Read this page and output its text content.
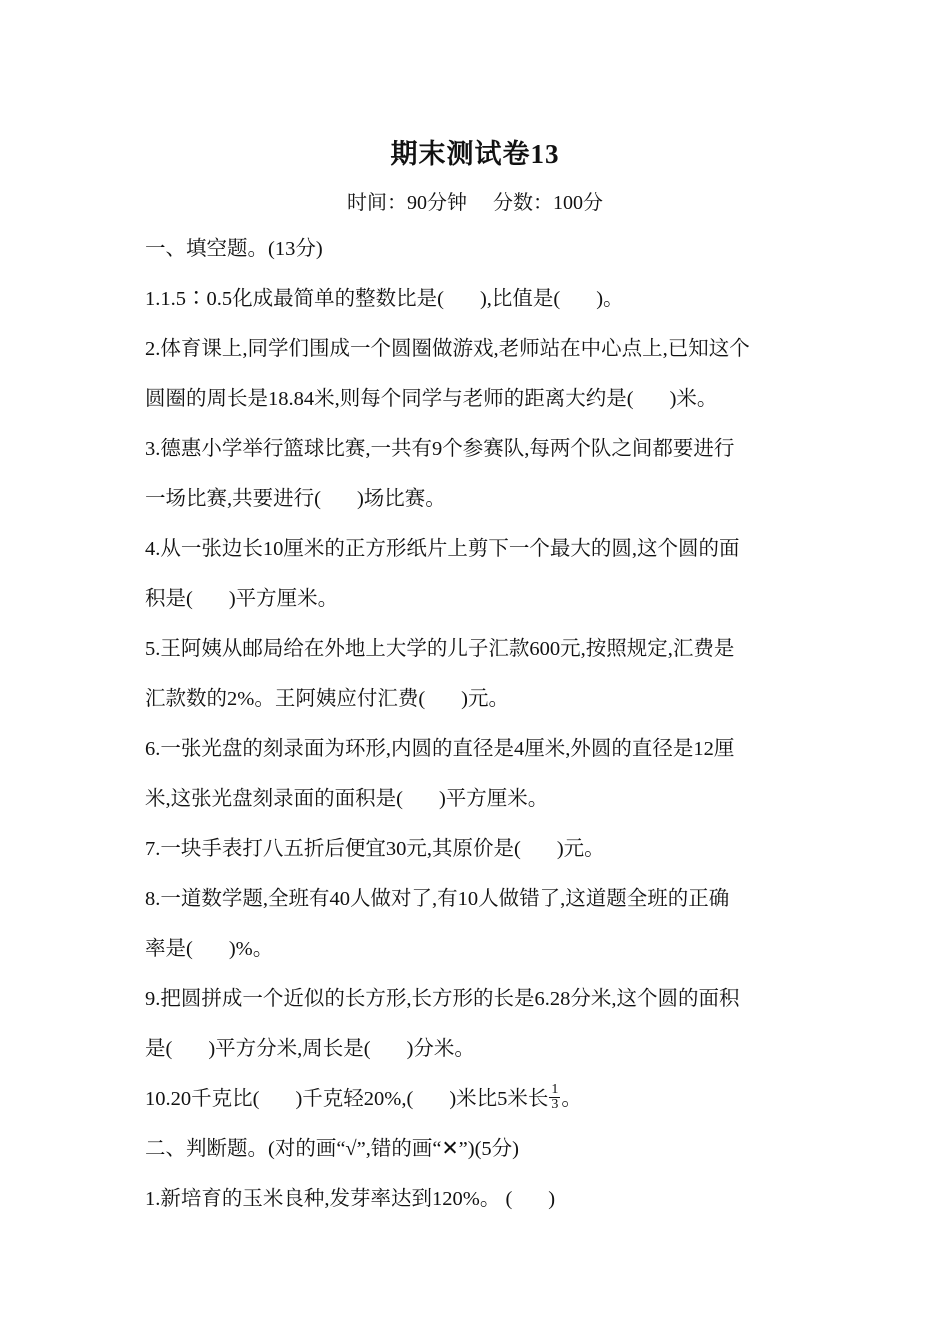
期末测试卷13
时间：90分钟 分数：100分
一、填空题。(13分)
1.1.5∶0.5化成最简单的整数比是( ),比值是( )。
2.体育课上,同学们围成一个圆圈做游戏,老师站在中心点上,已知这个
圆圈的周长是18.84米,则每个同学与老师的距离大约是( )米。
3.德惠小学举行篮球比赛,一共有9个参赛队,每两个队之间都要进行
一场比赛,共要进行( )场比赛。
4.从一张边长10厘米的正方形纸片上剪下一个最大的圆,这个圆的面
积是( )平方厘米。
5.王阿姨从邮局给在外地上大学的儿子汇款600元,按照规定,汇费是
汇款数的2%。王阿姨应付汇费( )元。
6.一张光盘的刻录面为环形,内圆的直径是4厘米,外圆的直径是12厘
米,这张光盘刻录面的面积是( )平方厘米。
7.一块手表打八五折后便宜30元,其原价是( )元。
8.一道数学题,全班有40人做对了,有10人做错了,这道题全班的正确
率是( )%。
9.把圆拼成一个近似的长方形,长方形的长是6.28分米,这个圆的面积
是( )平方分米,周长是( )分米。
10.20千克比( )千克轻20%,( )米比5米长 $\frac{1}{3}$ 。
二、判断题。(对的画“√”,错的画“✕”)(5分)
1.新培育的玉米良种,发芽率达到120%。 ( )
